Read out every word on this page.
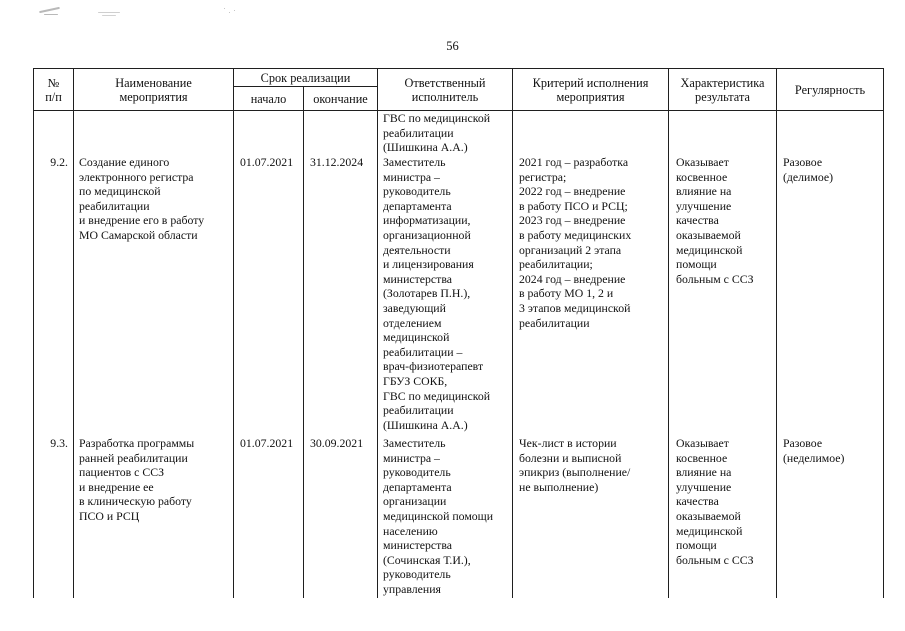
56
№
п/п
Наименование
мероприятия
Срок реализации
начало окончание
Ответственный
исполнитель
Критерий исполнения
мероприятия
Характеристика
результата	Регулярность
ГВС по медицинской
реабилитации
(Шишкина А.А.)
9.2. Создание единого
электронного регистра
по медицинской
реабилитации
и внедрение его в работу
МО Самарской области
01.07.2021 31.12.2024 Заместитель
министра –
руководитель
департамента
информатизации,
организационной
деятельности
и лицензирования
министерства
(Золотарев П.Н.),
заведующий
отделением
медицинской
реабилитации –
врач-физиотерапевт
ГБУЗ СОКБ,
ГВС по медицинской
реабилитации
(Шишкина А.А.)
2021 год – разработка
регистра;
2022 год – внедрение
в работу ПСО и РСЦ;
2023 год – внедрение
в работу медицинских
организаций 2 этапа
реабилитации;
2024 год – внедрение
в работу МО 1, 2 и
3 этапов медицинской
реабилитации
Оказывает
косвенное
влияние на
улучшение
качества
оказываемой
медицинской
помощи
больным с ССЗ
Разовое
(делимое)
9.3. Разработка программы
ранней реабилитации
пациентов с ССЗ
и внедрение ее
в клиническую работу
ПСО и РСЦ
01.07.2021 30.09.2021 Заместитель
министра –
руководитель
департамента
организации
медицинской помощи
населению
министерства
(Сочинская Т.И.),
руководитель
управления
Чек-лист в истории
болезни и выписной
эпикриз (выполнение/
не выполнение)
Оказывает
косвенное
влияние на
улучшение
качества
оказываемой
медицинской
помощи
больным с ССЗ
Разовое
(неделимое)
